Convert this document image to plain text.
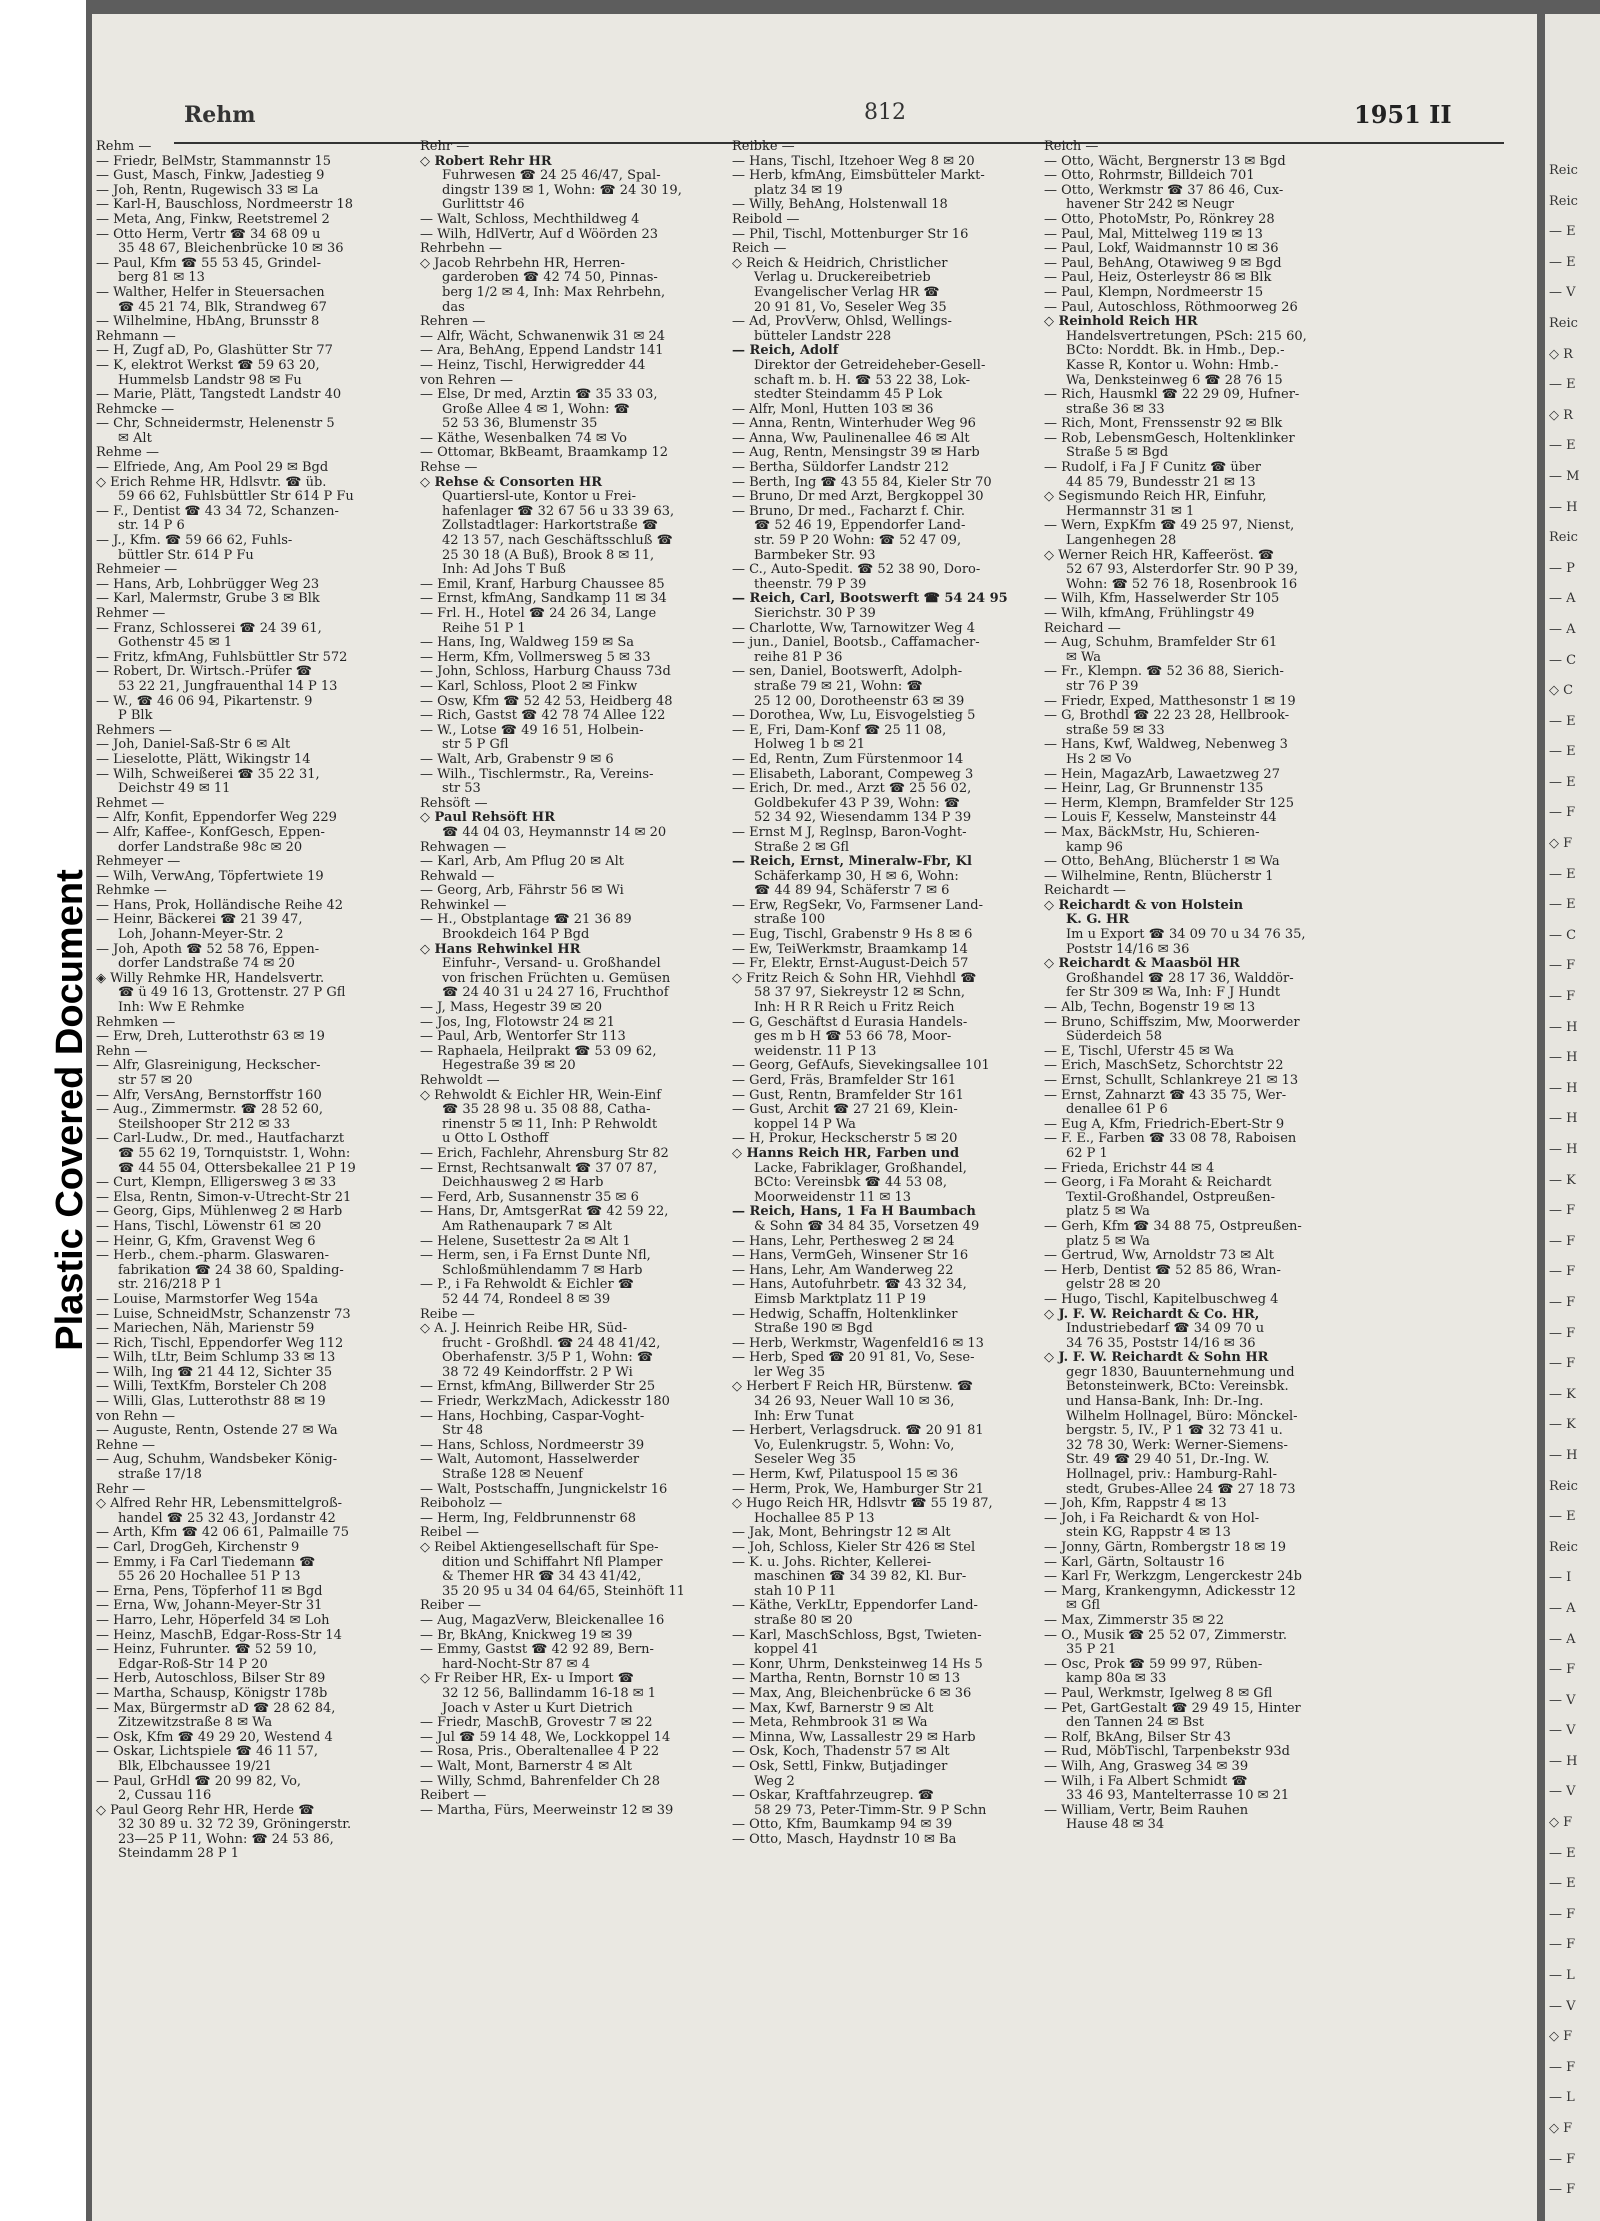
Plastic Covered Document
Rehm	812	1951 II
Rehm —
— Friedr, BelMstr, Stammannstr 15
— Gust, Masch, Finkw, Jadestieg 9
— Joh, Rentn, Rugewisch 33 ✉ La
— Karl-H, Bauschloss, Nordmeerstr 18
— Meta, Ang, Finkw, Reetstremel 2
— Otto Herm, Vertr ☎ 34 68 09 u
35 48 67, Bleichenbrücke 10 ✉ 36
— Paul, Kfm ☎ 55 53 45, Grindel-
berg 81 ✉ 13
— Walther, Helfer in Steuersachen
☎ 45 21 74, Blk, Strandweg 67
— Wilhelmine, HbAng, Brunsstr 8
Rehmann —
— H, Zugf aD, Po, Glashütter Str 77
— K, elektrot Werkst ☎ 59 63 20,
Hummelsb Landstr 98 ✉ Fu
— Marie, Plätt, Tangstedt Landstr 40
Rehmcke —
— Chr, Schneidermstr, Helenenstr 5
✉ Alt
Rehme —
— Elfriede, Ang, Am Pool 29 ✉ Bgd
◇ Erich Rehme HR, Hdlsvtr. ☎ üb.
59 66 62, Fuhlsbüttler Str 614 P Fu
— F., Dentist ☎ 43 34 72, Schanzen-
str. 14 P 6
— J., Kfm. ☎ 59 66 62, Fuhls-
büttler Str. 614 P Fu
Rehmeier —
— Hans, Arb, Lohbrügger Weg 23
— Karl, Malermstr, Grube 3 ✉ Blk
Rehmer —
— Franz, Schlosserei ☎ 24 39 61,
Gothenstr 45 ✉ 1
— Fritz, kfmAng, Fuhlsbüttler Str 572
— Robert, Dr. Wirtsch.-Prüfer ☎
53 22 21, Jungfrauenthal 14 P 13
— W., ☎ 46 06 94, Pikartenstr. 9
P Blk
Rehmers —
— Joh, Daniel-Saß-Str 6 ✉ Alt
— Lieselotte, Plätt, Wikingstr 14
— Wilh, Schweißerei ☎ 35 22 31,
Deichstr 49 ✉ 11
Rehmet —
— Alfr, Konfit, Eppendorfer Weg 229
— Alfr, Kaffee-, KonfGesch, Eppen-
dorfer Landstraße 98c ✉ 20
Rehmeyer —
— Wilh, VerwAng, Töpfertwiete 19
Rehmke —
— Hans, Prok, Holländische Reihe 42
— Heinr, Bäckerei ☎ 21 39 47,
Loh, Johann-Meyer-Str. 2
— Joh, Apoth ☎ 52 58 76, Eppen-
dorfer Landstraße 74 ✉ 20
◈ Willy Rehmke HR, Handelsvertr.
☎ ü 49 16 13, Grottenstr. 27 P Gfl
Inh: Ww E Rehmke
Rehmken —
— Erw, Dreh, Lutterothstr 63 ✉ 19
Rehn —
— Alfr, Glasreinigung, Heckscher-
str 57 ✉ 20
— Alfr, VersAng, Bernstorffstr 160
— Aug., Zimmermstr. ☎ 28 52 60,
Steilshooper Str 212 ✉ 33
— Carl-Ludw., Dr. med., Hautfacharzt
☎ 55 62 19, Tornquiststr. 1, Wohn:
☎ 44 55 04, Ottersbekallee 21 P 19
— Curt, Klempn, Elligersweg 3 ✉ 33
— Elsa, Rentn, Simon-v-Utrecht-Str 21
— Georg, Gips, Mühlenweg 2 ✉ Harb
— Hans, Tischl, Löwenstr 61 ✉ 20
— Heinr, G, Kfm, Gravenst Weg 6
— Herb., chem.-pharm. Glaswaren-
fabrikation ☎ 24 38 60, Spalding-
str. 216/218 P 1
— Louise, Marmstorfer Weg 154a
— Luise, SchneidMstr, Schanzenstr 73
— Mariechen, Näh, Marienstr 59
— Rich, Tischl, Eppendorfer Weg 112
— Wilh, tLtr, Beim Schlump 33 ✉ 13
— Wilh, Ing ☎ 21 44 12, Sichter 35
— Willi, TextKfm, Borsteler Ch 208
— Willi, Glas, Lutterothstr 88 ✉ 19
von Rehn —
— Auguste, Rentn, Ostende 27 ✉ Wa
Rehne —
— Aug, Schuhm, Wandsbeker König-
straße 17/18
Rehr —
◇ Alfred Rehr HR, Lebensmittelgroß-
handel ☎ 25 32 43, Jordanstr 42
— Arth, Kfm ☎ 42 06 61, Palmaille 75
— Carl, DrogGeh, Kirchenstr 9
— Emmy, i Fa Carl Tiedemann ☎
55 26 20 Hochallee 51 P 13
— Erna, Pens, Töpferhof 11 ✉ Bgd
— Erna, Ww, Johann-Meyer-Str 31
— Harro, Lehr, Höperfeld 34 ✉ Loh
— Heinz, MaschB, Edgar-Ross-Str 14
— Heinz, Fuhrunter. ☎ 52 59 10,
Edgar-Roß-Str 14 P 20
— Herb, Autoschloss, Bilser Str 89
— Martha, Schausp, Königstr 178b
— Max, Bürgermstr aD ☎ 28 62 84,
Zitzewitzstraße 8 ✉ Wa
— Osk, Kfm ☎ 49 29 20, Westend 4
— Oskar, Lichtspiele ☎ 46 11 57,
Blk, Elbchaussee 19/21
— Paul, GrHdl ☎ 20 99 82, Vo,
2, Cussau 116
◇ Paul Georg Rehr HR, Herde ☎
32 30 89 u. 32 72 39, Gröningerstr.
23—25 P 11, Wohn: ☎ 24 53 86,
Steindamm 28 P 1
Rehr —
◇ Robert Rehr HR
Fuhrwesen ☎ 24 25 46/47, Spal-
dingstr 139 ✉ 1, Wohn: ☎ 24 30 19,
Gurlittstr 46
— Walt, Schloss, Mechthildweg 4
— Wilh, HdlVertr, Auf d Wöörden 23
Rehrbehn —
◇ Jacob Rehrbehn HR, Herren-
garderoben ☎ 42 74 50, Pinnas-
berg 1/2 ✉ 4, Inh: Max Rehrbehn,
das
Rehren —
— Alfr, Wächt, Schwanenwik 31 ✉ 24
— Ara, BehAng, Eppend Landstr 141
— Heinz, Tischl, Herwigredder 44
von Rehren —
— Else, Dr med, Ärztin ☎ 35 33 03,
Große Allee 4 ✉ 1, Wohn: ☎
52 53 36, Blumenstr 35
— Käthe, Wesenbalken 74 ✉ Vo
— Ottomar, BkBeamt, Braamkamp 12
Rehse —
◇ Rehse & Consorten HR
Quartiersl-ute, Kontor u Frei-
hafenlager ☎ 32 67 56 u 33 39 63,
Zollstadtlager: Harkortstraße ☎
42 13 57, nach Geschäftsschluß ☎
25 30 18 (A Buß), Brook 8 ✉ 11,
Inh: Ad Johs T Buß
— Emil, Kranf, Harburg Chaussee 85
— Ernst, kfmAng, Sandkamp 11 ✉ 34
— Frl. H., Hotel ☎ 24 26 34, Lange
Reihe 51 P 1
— Hans, Ing, Waldweg 159 ✉ Sa
— Herm, Kfm, Vollmersweg 5 ✉ 33
— John, Schloss, Harburg Chauss 73d
— Karl, Schloss, Ploot 2 ✉ Finkw
— Osw, Kfm ☎ 52 42 53, Heidberg 48
— Rich, Gastst ☎ 42 78 74 Allee 122
— W., Lotse ☎ 49 16 51, Holbein-
str 5 P Gfl
— Walt, Arb, Grabenstr 9 ✉ 6
— Wilh., Tischlermstr., Ra, Vereins-
str 53
Rehsöft —
◇ Paul Rehsöft HR
☎ 44 04 03, Heymannstr 14 ✉ 20
Rehwagen —
— Karl, Arb, Am Pflug 20 ✉ Alt
Rehwald —
— Georg, Arb, Fährstr 56 ✉ Wi
Rehwinkel —
— H., Obstplantage ☎ 21 36 89
Brookdeich 164 P Bgd
◇ Hans Rehwinkel HR
Einfuhr-, Versand- u. Großhandel
von frischen Früchten u. Gemüsen
☎ 24 40 31 u 24 27 16, Fruchthof
— J, Mass, Hegestr 39 ✉ 20
— Jos, Ing, Flotowstr 24 ✉ 21
— Paul, Arb, Wentorfer Str 113
— Raphaela, Heilprakt ☎ 53 09 62,
Hegestraße 39 ✉ 20
Rehwoldt —
◇ Rehwoldt & Eichler HR, Wein-Einf
☎ 35 28 98 u. 35 08 88, Catha-
rinenstr 5 ✉ 11, Inh: P Rehwoldt
u Otto L Osthoff
— Erich, Fachlehr, Ahrensburg Str 82
— Ernst, Rechtsanwalt ☎ 37 07 87,
Deichhausweg 2 ✉ Harb
— Ferd, Arb, Susannenstr 35 ✉ 6
— Hans, Dr, AmtsgerRat ☎ 42 59 22,
Am Rathenaupark 7 ✉ Alt
— Helene, Susettestr 2a ✉ Alt 1
— Herm, sen, i Fa Ernst Dunte Nfl,
Schloßmühlendamm 7 ✉ Harb
— P., i Fa Rehwoldt & Eichler ☎
52 44 74, Rondeel 8 ✉ 39
Reibe —
◇ A. J. Heinrich Reibe HR, Süd-
frucht - Großhdl. ☎ 24 48 41/42,
Oberhafenstr. 3/5 P 1, Wohn: ☎
38 72 49 Keindorffstr. 2 P Wi
— Ernst, kfmAng, Billwerder Str 25
— Friedr, WerkzMach, Adickesstr 180
— Hans, Hochbing, Caspar-Voght-
Str 48
— Hans, Schloss, Nordmeerstr 39
— Walt, Automont, Hasselwerder
Straße 128 ✉ Neuenf
— Walt, Postschaffn, Jungnickelstr 16
Reiboholz —
— Herm, Ing, Feldbrunnenstr 68
Reibel —
◇ Reibel Aktiengesellschaft für Spe-
dition und Schiffahrt Nfl Plamper
& Themer HR ☎ 34 43 41/42,
35 20 95 u 34 04 64/65, Steinhöft 11
Reiber —
— Aug, MagazVerw, Bleickenallee 16
— Br, BkAng, Knickweg 19 ✉ 39
— Emmy, Gastst ☎ 42 92 89, Bern-
hard-Nocht-Str 87 ✉ 4
◇ Fr Reiber HR, Ex- u Import ☎
32 12 56, Ballindamm 16-18 ✉ 1
Joach v Aster u Kurt Dietrich
— Friedr, MaschB, Grovestr 7 ✉ 22
— Jul ☎ 59 14 48, We, Lockkoppel 14
— Rosa, Pris., Oberaltenallee 4 P 22
— Walt, Mont, Barnerstr 4 ✉ Alt
— Willy, Schmd, Bahrenfelder Ch 28
Reibert —
— Martha, Fürs, Meerweinstr 12 ✉ 39
Reibke —
— Hans, Tischl, Itzehoer Weg 8 ✉ 20
— Herb, kfmAng, Eimsbütteler Markt-
platz 34 ✉ 19
— Willy, BehAng, Holstenwall 18
Reibold —
— Phil, Tischl, Mottenburger Str 16
Reich —
◇ Reich & Heidrich, Christlicher
Verlag u. Druckereibetrieb
Evangelischer Verlag HR ☎
20 91 81, Vo, Seseler Weg 35
— Ad, ProvVerw, Ohlsd, Wellings-
bütteler Landstr 228
— Reich, Adolf
Direktor der Getreideheber-Gesell-
schaft m. b. H. ☎ 53 22 38, Lok-
stedter Steindamm 45 P Lok
— Alfr, Monl, Hutten 103 ✉ 36
— Anna, Rentn, Winterhuder Weg 96
— Anna, Ww, Paulinenallee 46 ✉ Alt
— Aug, Rentn, Mensingstr 39 ✉ Harb
— Bertha, Süldorfer Landstr 212
— Berth, Ing ☎ 43 55 84, Kieler Str 70
— Bruno, Dr med Arzt, Bergkoppel 30
— Bruno, Dr med., Facharzt f. Chir.
☎ 52 46 19, Eppendorfer Land-
str. 59 P 20 Wohn: ☎ 52 47 09,
Barmbeker Str. 93
— C., Auto-Spedit. ☎ 52 38 90, Doro-
theenstr. 79 P 39
— Reich, Carl, Bootswerft ☎ 54 24 95
Sierichstr. 30 P 39
— Charlotte, Ww, Tarnowitzer Weg 4
— jun., Daniel, Bootsb., Caffamacher-
reihe 81 P 36
— sen, Daniel, Bootswerft, Adolph-
straße 79 ✉ 21, Wohn: ☎
25 12 00, Dorotheenstr 63 ✉ 39
— Dorothea, Ww, Lu, Eisvogelstieg 5
— E, Fri, Dam-Konf ☎ 25 11 08,
Holweg 1 b ✉ 21
— Ed, Rentn, Zum Fürstenmoor 14
— Elisabeth, Laborant, Compeweg 3
— Erich, Dr. med., Arzt ☎ 25 56 02,
Goldbekufer 43 P 39, Wohn: ☎
52 34 92, Wiesendamm 134 P 39
— Ernst M J, Reglnsp, Baron-Voght-
Straße 2 ✉ Gfl
— Reich, Ernst, Mineralw-Fbr, Kl
Schäferkamp 30, H ✉ 6, Wohn:
☎ 44 89 94, Schäferstr 7 ✉ 6
— Erw, RegSekr, Vo, Farmsener Land-
straße 100
— Eug, Tischl, Grabenstr 9 Hs 8 ✉ 6
— Ew, TeiWerkmstr, Braamkamp 14
— Fr, Elektr, Ernst-August-Deich 57
◇ Fritz Reich & Sohn HR, Viehhdl ☎
58 37 97, Siekreystr 12 ✉ Schn,
Inh: H R R Reich u Fritz Reich
— G, Geschäftst d Eurasia Handels-
ges m b H ☎ 53 66 78, Moor-
weidenstr. 11 P 13
— Georg, GefAufs, Sievekingsallee 101
— Gerd, Fräs, Bramfelder Str 161
— Gust, Rentn, Bramfelder Str 161
— Gust, Archit ☎ 27 21 69, Klein-
koppel 14 P Wa
— H, Prokur, Heckscherstr 5 ✉ 20
◇ Hanns Reich HR, Farben und
Lacke, Fabriklager, Großhandel,
BCto: Vereinsbk ☎ 44 53 08,
Moorweidenstr 11 ✉ 13
— Reich, Hans, 1 Fa H Baumbach
& Sohn ☎ 34 84 35, Vorsetzen 49
— Hans, Lehr, Perthesweg 2 ✉ 24
— Hans, VermGeh, Winsener Str 16
— Hans, Lehr, Am Wanderweg 22
— Hans, Autofuhrbetr. ☎ 43 32 34,
Eimsb Marktplatz 11 P 19
— Hedwig, Schaffn, Holtenklinker
Straße 190 ✉ Bgd
— Herb, Werkmstr, Wagenfeld16 ✉ 13
— Herb, Sped ☎ 20 91 81, Vo, Sese-
ler Weg 35
◇ Herbert F Reich HR, Bürstenw. ☎
34 26 93, Neuer Wall 10 ✉ 36,
Inh: Erw Tunat
— Herbert, Verlagsdruck. ☎ 20 91 81
Vo, Eulenkrugstr. 5, Wohn: Vo,
Seseler Weg 35
— Herm, Kwf, Pilatuspool 15 ✉ 36
— Herm, Prok, We, Hamburger Str 21
◇ Hugo Reich HR, Hdlsvtr ☎ 55 19 87,
Hochallee 85 P 13
— Jak, Mont, Behringstr 12 ✉ Alt
— Joh, Schloss, Kieler Str 426 ✉ Stel
— K. u. Johs. Richter, Kellerei-
maschinen ☎ 34 39 82, Kl. Bur-
stah 10 P 11
— Käthe, VerkLtr, Eppendorfer Land-
straße 80 ✉ 20
— Karl, MaschSchloss, Bgst, Twieten-
koppel 41
— Konr, Uhrm, Denksteinweg 14 Hs 5
— Martha, Rentn, Bornstr 10 ✉ 13
— Max, Ang, Bleichenbrücke 6 ✉ 36
— Max, Kwf, Barnerstr 9 ✉ Alt
— Meta, Rehmbrook 31 ✉ Wa
— Minna, Ww, Lassallestr 29 ✉ Harb
— Osk, Koch, Thadenstr 57 ✉ Alt
— Osk, Settl, Finkw, Butjadinger
Weg 2
— Oskar, Kraftfahrzeugrep. ☎
58 29 73, Peter-Timm-Str. 9 P Schn
— Otto, Kfm, Baumkamp 94 ✉ 39
— Otto, Masch, Haydnstr 10 ✉ Ba
Reich —
— Otto, Wächt, Bergnerstr 13 ✉ Bgd
— Otto, Rohrmstr, Billdeich 701
— Otto, Werkmstr ☎ 37 86 46, Cux-
havener Str 242 ✉ Neugr
— Otto, PhotoMstr, Po, Rönkrey 28
— Paul, Mal, Mittelweg 119 ✉ 13
— Paul, Lokf, Waidmannstr 10 ✉ 36
— Paul, BehAng, Otawiweg 9 ✉ Bgd
— Paul, Heiz, Österleystr 86 ✉ Blk
— Paul, Klempn, Nordmeerstr 15
— Paul, Autoschloss, Röthmoorweg 26
◇ Reinhold Reich HR
Handelsvertretungen, PSch: 215 60,
BCto: Norddt. Bk. in Hmb., Dep.-
Kasse R, Kontor u. Wohn: Hmb.-
Wa, Denksteinweg 6 ☎ 28 76 15
— Rich, Hausmkl ☎ 22 29 09, Hufner-
straße 36 ✉ 33
— Rich, Mont, Frenssenstr 92 ✉ Blk
— Rob, LebensmGesch, Holtenklinker
Straße 5 ✉ Bgd
— Rudolf, i Fa J F Cunitz ☎ über
44 85 79, Bundesstr 21 ✉ 13
◇ Segismundo Reich HR, Einfuhr,
Hermannstr 31 ✉ 1
— Wern, ExpKfm ☎ 49 25 97, Nienst,
Langenhegen 28
◇ Werner Reich HR, Kaffeeröst. ☎
52 67 93, Alsterdorfer Str. 90 P 39,
Wohn: ☎ 52 76 18, Rosenbrook 16
— Wilh, Kfm, Hasselwerder Str 105
— Wilh, kfmAng, Frühlingstr 49
Reichard —
— Aug, Schuhm, Bramfelder Str 61
✉ Wa
— Fr., Klempn. ☎ 52 36 88, Sierich-
str 76 P 39
— Friedr, Exped, Matthesonstr 1 ✉ 19
— G, Brothdl ☎ 22 23 28, Hellbrook-
straße 59 ✉ 33
— Hans, Kwf, Waldweg, Nebenweg 3
Hs 2 ✉ Vo
— Hein, MagazArb, Lawaetzweg 27
— Heinr, Lag, Gr Brunnenstr 135
— Herm, Klempn, Bramfelder Str 125
— Louis F, Kesselw, Mansteinstr 44
— Max, BäckMstr, Hu, Schieren-
kamp 96
— Otto, BehAng, Blücherstr 1 ✉ Wa
— Wilhelmine, Rentn, Blücherstr 1
Reichardt —
◇ Reichardt & von Holstein
K. G. HR
Im u Export ☎ 34 09 70 u 34 76 35,
Poststr 14/16 ✉ 36
◇ Reichardt & Maasböl HR
Großhandel ☎ 28 17 36, Walddör-
fer Str 309 ✉ Wa, Inh: F J Hundt
— Alb, Techn, Bogenstr 19 ✉ 13
— Bruno, Schiffszim, Mw, Moorwerder
Süderdeich 58
— E, Tischl, Uferstr 45 ✉ Wa
— Erich, MaschSetz, Schorchtstr 22
— Ernst, Schullt, Schlankreye 21 ✉ 13
— Ernst, Zahnarzt ☎ 43 35 75, Wer-
denallee 61 P 6
— Eug A, Kfm, Friedrich-Ebert-Str 9
— F. E., Farben ☎ 33 08 78, Raboisen
62 P 1
— Frieda, Erichstr 44 ✉ 4
— Georg, i Fa Moraht & Reichardt
Textil-Großhandel, Ostpreußen-
platz 5 ✉ Wa
— Gerh, Kfm ☎ 34 88 75, Ostpreußen-
platz 5 ✉ Wa
— Gertrud, Ww, Arnoldstr 73 ✉ Alt
— Herb, Dentist ☎ 52 85 86, Wran-
gelstr 28 ✉ 20
— Hugo, Tischl, Kapitelbuschweg 4
◇ J. F. W. Reichardt & Co. HR,
Industriebedarf ☎ 34 09 70 u
34 76 35, Poststr 14/16 ✉ 36
◇ J. F. W. Reichardt & Sohn HR
gegr 1830, Bauunternehmung und
Betonsteinwerk, BCto: Vereinsbk.
und Hansa-Bank, Inh: Dr.-Ing.
Wilhelm Hollnagel, Büro: Mönckel-
bergstr. 5, IV., P 1 ☎ 32 73 41 u.
32 78 30, Werk: Werner-Siemens-
Str. 49 ☎ 29 40 51, Dr.-Ing. W.
Hollnagel, priv.: Hamburg-Rahl-
stedt, Grubes-Allee 24 ☎ 27 18 73
— Joh, Kfm, Rappstr 4 ✉ 13
— Joh, i Fa Reichardt & von Hol-
stein KG, Rappstr 4 ✉ 13
— Jonny, Gärtn, Rombergstr 18 ✉ 19
— Karl, Gärtn, Soltaustr 16
— Karl Fr, Werkzgm, Lengerckestr 24b
— Marg, Krankengymn, Adickesstr 12
✉ Gfl
— Max, Zimmerstr 35 ✉ 22
— O., Musik ☎ 25 52 07, Zimmerstr.
35 P 21
— Osc, Prok ☎ 59 99 97, Rüben-
kamp 80a ✉ 33
— Paul, Werkmstr, Igelweg 8 ✉ Gfl
— Pet, GartGestalt ☎ 29 49 15, Hinter
den Tannen 24 ✉ Bst
— Rolf, BkAng, Bilser Str 43
— Rud, MöbTischl, Tarpenbekstr 93d
— Wilh, Ang, Grasweg 34 ✉ 39
— Wilh, i Fa Albert Schmidt ☎
33 46 93, Mantelterrasse 10 ✉ 21
— William, Vertr, Beim Rauhen
Hause 48 ✉ 34
Reic
Reic
— E
— E
— V
Reic
◇ R
— E
◇ R
— E
— M
— H
Reic
— P
— A
— A
— C
◇ C
— E
— E
— E
— F
◇ F
— E
— E
— C
— F
— F
— H
— H
— H
— H
— H
— K
— F
— F
— F
— F
— F
— F
— K
— K
— H
Reic
— E
Reic
— I
— A
— A
— F
— V
— V
— H
— V
◇ F
— E
— E
— F
— F
— L
— V
◇ F
— F
— L
◇ F
— F
— F
